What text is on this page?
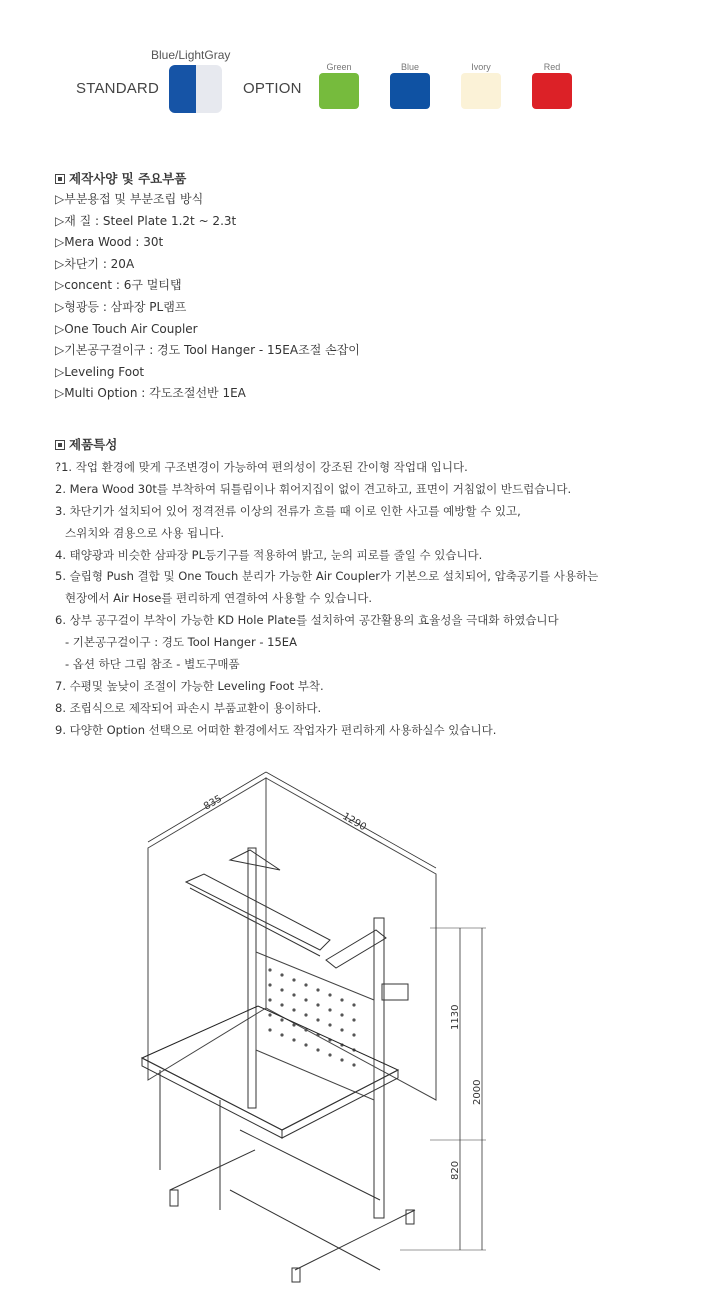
Blue/LightGray
STANDARD	OPTION
Green	Blue	Ivory	Red
제작사양 및 주요부품
▷부분용접 및 부분조립 방식
▷재 질 : Steel Plate 1.2t ~ 2.3t
▷Mera Wood : 30t
▷차단기 : 20A
▷concent : 6구 멀티탭
▷형광등 : 삼파장 PL램프
▷One Touch Air Coupler
▷기본공구걸이구 : 경도 Tool Hanger - 15EA조절 손잡이
▷Leveling Foot
▷Multi Option : 각도조절선반 1EA
제품특성
?1. 작업 환경에 맞게 구조변경이 가능하여 편의성이 강조된 간이형 작업대 입니다.
2. Mera Wood 30t를 부착하여 뒤틀림이나 휘어지집이 없이 견고하고, 표면이 거침없이 반드럽습니다.
3. 차단기가 설치되어 있어 정격전류 이상의 전류가 흐를 때 이로 인한 사고를 예방할 수 있고,
스위치와 겸용으로 사용 됩니다.
4. 태양광과 비슷한 삼파장 PL등기구를 적용하여 밝고, 눈의 피로를 줄일 수 있습니다.
5. 슬립형 Push 결합 및 One Touch 분리가 가능한 Air Coupler가 기본으로 설치되어, 압축공기를 사용하는
현장에서 Air Hose를 편리하게 연결하여 사용할 수 있습니다.
6. 상부 공구걸이 부착이 가능한 KD Hole Plate를 설치하여 공간활용의 효율성을 극대화 하였습니다
- 기본공구걸이구 : 경도 Tool Hanger - 15EA
- 옵션 하단 그림 참조 - 별도구매품
7. 수평및 높낮이 조절이 가능한 Leveling Foot 부착.
8. 조립식으로 제작되어 파손시 부품교환이 용이하다.
9. 다양한 Option 선택으로 어떠한 환경에서도 작업자가 편리하게 사용하실수 있습니다.
835
1290
1130
2000
820
